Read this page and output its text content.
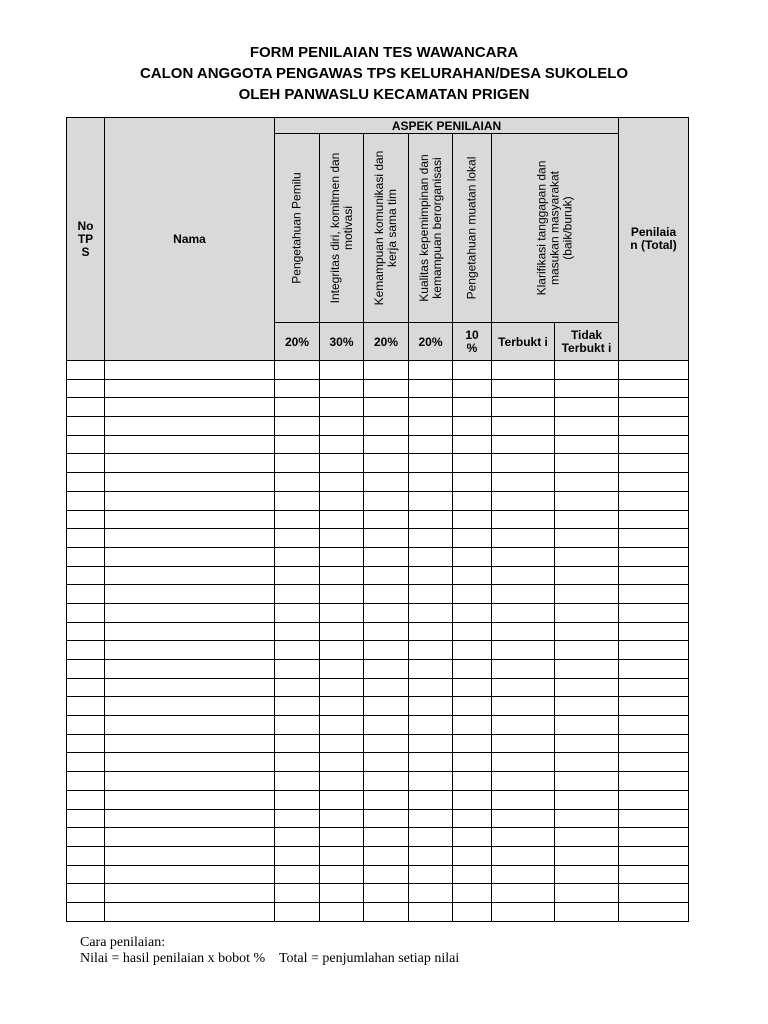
FORM PENILAIAN TES WAWANCARA
CALON ANGGOTA PENGAWAS TPS KELURAHAN/DESA SUKOLELO
OLEH PANWASLU KECAMATAN PRIGEN
No TP S	Nama	ASPEK PENILAIAN							Penilaia n (Total)

		Pengetahuan Pemilu	Integritas diri, komitmen dan motivasi	Kemampuan komunikasi dan kerja sama tim	Kualitas kepemimpinan dan kemampuan berorganisasi	Pengetahuan muatan lokal	Klarifikasi tanggapan dan masukan masyarakat (baik/buruk)		

		20%	30%	20%	20%	10 %	Terbukt i	Tidak Terbukt i	

Cara penilaian:
Nilai = hasil penilaian x bobot %    Total = penjumlahan setiap nilai
